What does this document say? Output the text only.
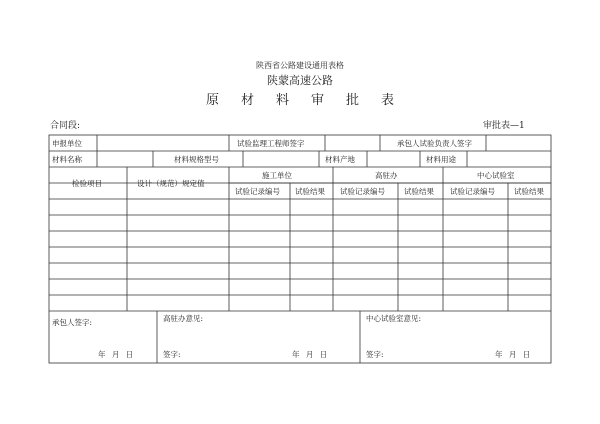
陕西省公路建设通用表格
陕蒙高速公路
原材料审批表
合同段:	审批表—1
申报单位	试验监理工程师签字	承包人试验负责人签字
材料名称	材料规格型号	材料产地	材料用途
检验项目	设计（规范）规定值
施工单位	高驻办	中心试验室
试验记录编号 试验结果 试验记录编号	试验结果 试验记录编号	试验结果
承包人签字:
年 月 日
高驻办意见:
签字:	年 月 日
中心试验室意见:
签字:	年 月 日
